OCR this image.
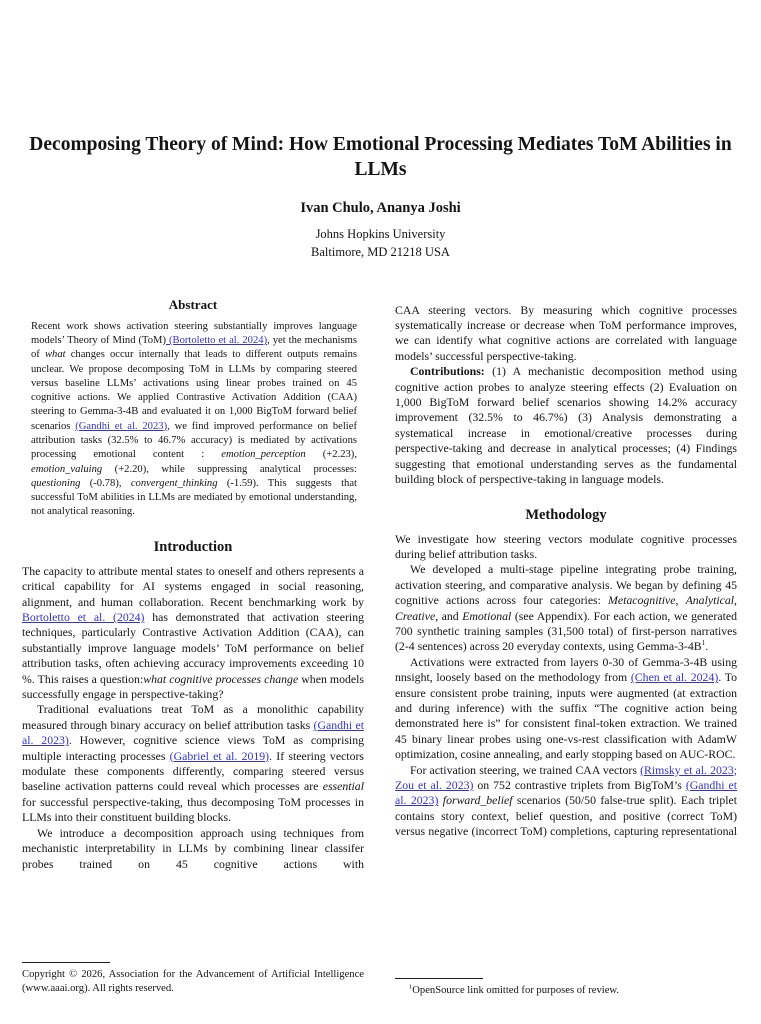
Decomposing Theory of Mind: How Emotional Processing Mediates ToM Abilities in LLMs
Ivan Chulo, Ananya Joshi
Johns Hopkins University
Baltimore, MD 21218 USA
Abstract

Recent work shows activation steering substantially improves language models’ Theory of Mind (ToM) (Bortoletto et al. 2024), yet the mechanisms of what changes occur internally that leads to different outputs remains unclear. We propose decomposing ToM in LLMs by comparing steered versus baseline LLMs’ activations using linear probes trained on 45 cognitive actions. We applied Contrastive Activation Addition (CAA) steering to Gemma-3-4B and evaluated it on 1,000 BigToM forward belief scenarios (Gandhi et al. 2023), we find improved performance on belief attribution tasks (32.5% to 46.7% accuracy) is mediated by activations processing emotional content : emotion_perception (+2.23), emotion_valuing (+2.20), while suppressing analytical processes: questioning (-0.78), convergent_thinking (-1.59). This suggests that successful ToM abilities in LLMs are mediated by emotional understanding, not analytical reasoning.

Introduction

The capacity to attribute mental states to oneself and others represents a critical capability for AI systems engaged in social reasoning, alignment, and human collaboration. Recent benchmarking work by Bortoletto et al. (2024) has demonstrated that activation steering techniques, particularly Contrastive Activation Addition (CAA), can substantially improve language models’ ToM performance on belief attribution tasks, often achieving accuracy improvements exceeding 10 %. This raises a question:what cognitive processes change when models successfully engage in perspective-taking?

Traditional evaluations treat ToM as a monolithic capability measured through binary accuracy on belief attribution tasks (Gandhi et al. 2023). However, cognitive science views ToM as comprising multiple interacting processes (Gabriel et al. 2019). If steering vectors modulate these components differently, comparing steered versus baseline activation patterns could reveal which processes are essential for successful perspective-taking, thus decomposing ToM processes in LLMs into their constituent building blocks.

We introduce a decomposition approach using techniques from mechanistic interpretability in LLMs by combining linear classifer probes trained on 45 cognitive actions with

CAA steering vectors. By measuring which cognitive processes systematically increase or decrease when ToM performance improves, we can identify what cognitive actions are correlated with language models’ successful perspective-taking.

Contributions: (1) A mechanistic decomposition method using cognitive action probes to analyze steering effects (2) Evaluation on 1,000 BigToM forward belief scenarios showing 14.2% accuracy improvement (32.5% to 46.7%) (3) Analysis demonstrating a systematical increase in emotional/creative processes during perspective-taking and decrease in analytical processes; (4) Findings suggesting that emotional understanding serves as the fundamental building block of perspective-taking in language models.

Methodology

We investigate how steering vectors modulate cognitive processes during belief attribution tasks.

We developed a multi-stage pipeline integrating probe training, activation steering, and comparative analysis. We began by defining 45 cognitive actions across four categories: Metacognitive, Analytical, Creative, and Emotional (see Appendix). For each action, we generated 700 synthetic training samples (31,500 total) of first-person narratives (2-4 sentences) across 20 everyday contexts, using Gemma-$3-4B^1$.

Activations were extracted from layers 0-30 of Gemma-3-4B using nnsight, loosely based on the methodology from (Chen et al. 2024). To ensure consistent probe training, inputs were augmented (at extraction and during inference) with the suffix “The cognitive action being demonstrated here is” for consistent final-token extraction. We trained 45 binary linear probes using one-vs-rest classification with AdamW optimization, cosine annealing, and early stopping based on AUC-ROC.

For activation steering, we trained CAA vectors (Rimsky et al. 2023; Zou et al. 2023) on 752 contrastive triplets from BigToM’s (Gandhi et al. 2023) forward_belief scenarios (50/50 false-true split). Each triplet contains story context, belief question, and positive (correct ToM) versus negative (incorrect ToM) completions, capturing representational

Copyright © 2026, Association for the Advancement of Artificial Intelligence (www.aaai.org). All rights reserved.	$^1$OpenSource link omitted for purposes of review.
